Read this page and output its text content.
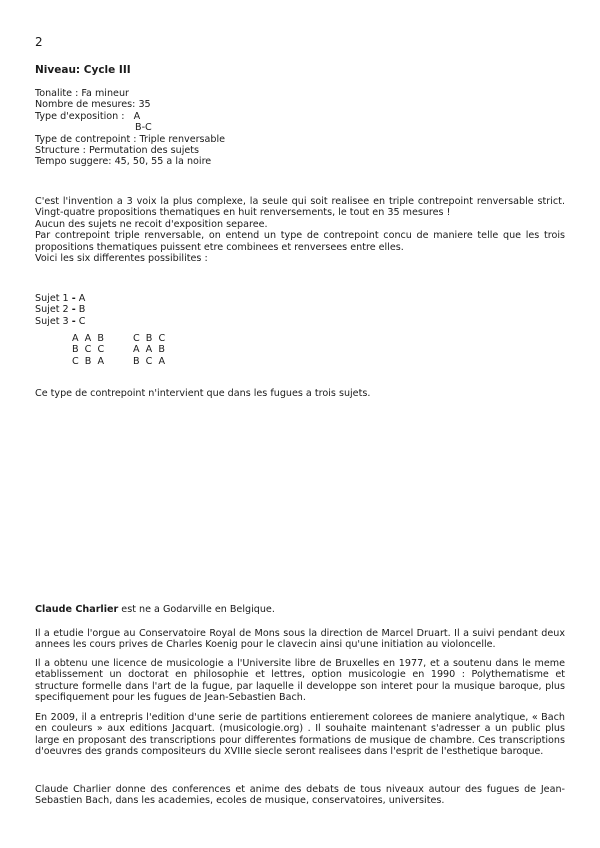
2
Niveau: Cycle III
Tonalite : Fa mineur
Nombre de mesures: 35
Type d'exposition : A
B-C
Type de contrepoint : Triple renversable
Structure : Permutation des sujets
Tempo suggere: 45, 50, 55 a la noire

C'est l'invention a 3 voix la plus complexe, la seule qui soit realisee en triple contrepoint renversable strict. Vingt-quatre propositions thematiques en huit renversements, le tout en 35 mesures !

Aucun des sujets ne recoit d'exposition separee.

Par contrepoint triple renversable, on entend un type de contrepoint concu de maniere telle que les trois propositions thematiques puissent etre combinees et renversees entre elles.

Voici les six differentes possibilites :

Sujet 1 - A
Sujet 2 - B
Sujet 3 - C
A  A  B	C  B  C
B  C  C	A  A  B
C  B  A	B  C  A
Ce type de contrepoint n'intervient que dans les fugues a trois sujets.
Claude Charlier est ne a Godarville en Belgique.
Il a etudie l'orgue au Conservatoire Royal de Mons sous la direction de Marcel Druart. Il a suivi pendant deux annees les cours prives de Charles Koenig pour le clavecin ainsi qu'une initiation au violoncelle.
Il a obtenu une licence de musicologie a l'Universite libre de Bruxelles en 1977, et a soutenu dans le meme etablissement un doctorat en philosophie et lettres, option musicologie en 1990 : Polythematisme et structure formelle dans l'art de la fugue, par laquelle il developpe son interet pour la musique baroque, plus specifiquement pour les fugues de Jean-Sebastien Bach.
En 2009, il a entrepris l'edition d'une serie de partitions entierement colorees de maniere analytique, « Bach en couleurs » aux editions Jacquart. (musicologie.org) . Il souhaite maintenant s'adresser a un public plus large en proposant des transcriptions pour differentes formations de musique de chambre. Ces transcriptions d'oeuvres des grands compositeurs du XVIIIe siecle seront realisees dans l'esprit de l'esthetique baroque.
Claude Charlier donne des conferences et anime des debats de tous niveaux autour des fugues de Jean-Sebastien Bach, dans les academies, ecoles de musique, conservatoires, universites.
